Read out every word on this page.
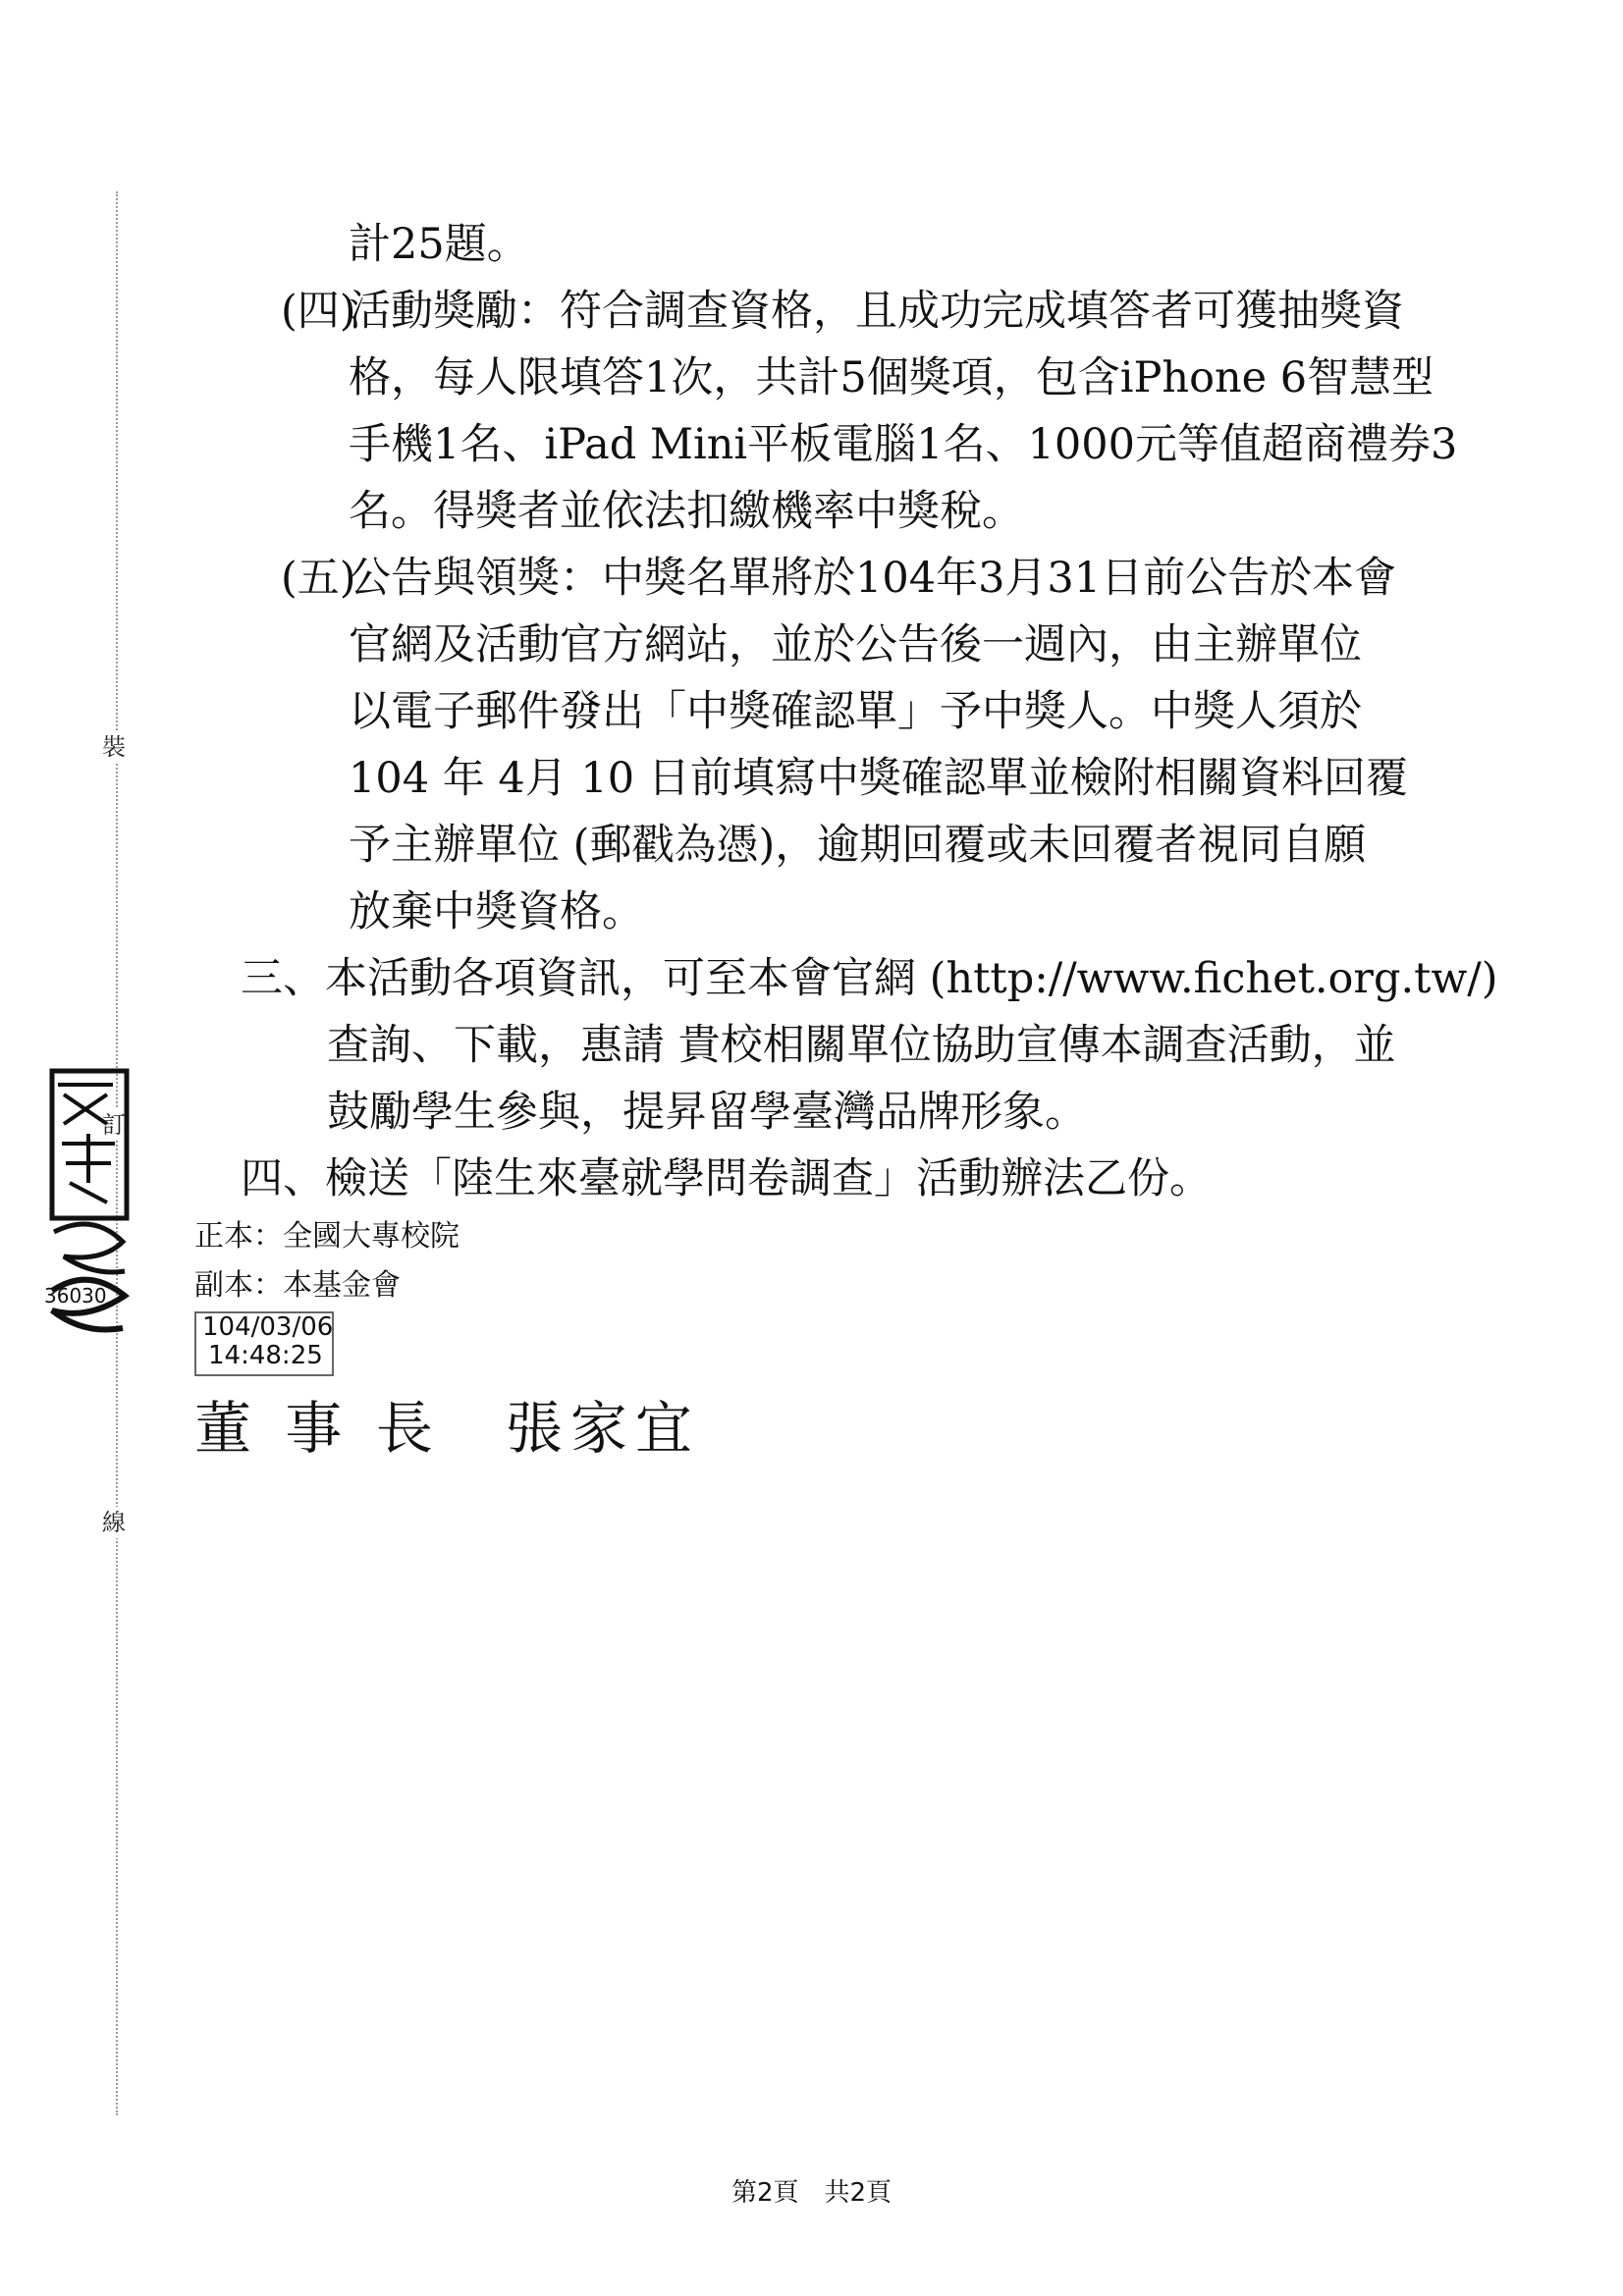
裝
訂
線
36030
計25題。
(四)
活動獎勵：符合調查資格，且成功完成填答者可獲抽獎資
格，每人限填答1次，共計5個獎項，包含iPhone 6智慧型
手機1名、iPad Mini平板電腦1名、1000元等值超商禮券3
名。得獎者並依法扣繳機率中獎稅。
(五)
公告與領獎：中獎名單將於104年3月31日前公告於本會
官網及活動官方網站，並於公告後一週內，由主辦單位
以電子郵件發出「中獎確認單」予中獎人。中獎人須於
104 年 4月 10 日前填寫中獎確認單並檢附相關資料回覆
予主辦單位 (郵戳為憑)，逾期回覆或未回覆者視同自願
放棄中獎資格。
三、本活動各項資訊，可至本會官網 (http://www.fichet.org.tw/)
查詢、下載，惠請 貴校相關單位協助宣傳本調查活動，並
鼓勵學生參與，提昇留學臺灣品牌形象。
四、檢送「陸生來臺就學問卷調查」活動辦法乙份。
正本：全國大專校院
副本：本基金會
104/03/06
14:48:25
董 事 長　張家宜
第2頁　共2頁
